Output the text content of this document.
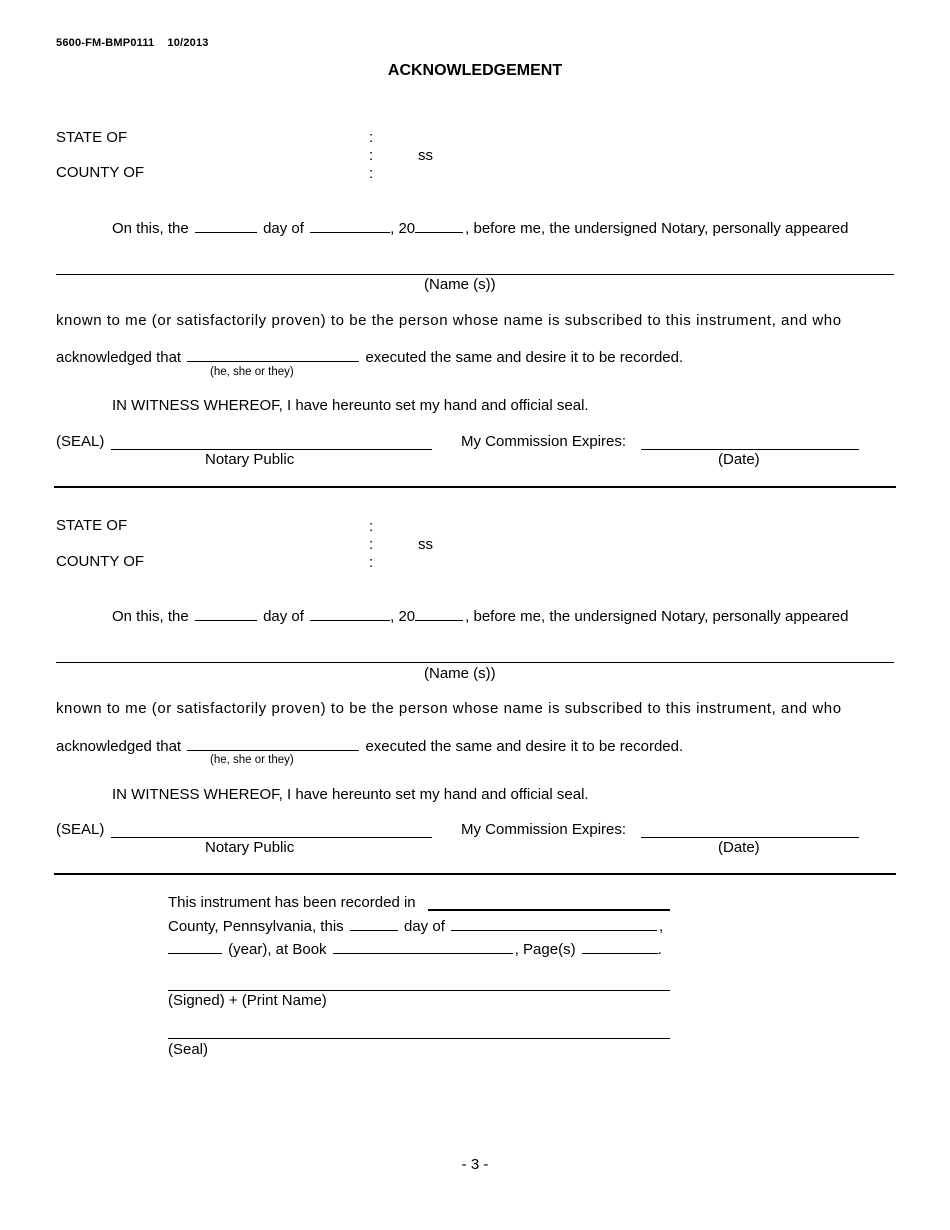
5600-FM-BMP0111 10/2013
ACKNOWLEDGEMENT
STATE OF
COUNTY OF
:
:
:
ss
On this, the	day of	, 20	, before me, the undersigned Notary, personally appeared
(Name (s))
known to me (or satisfactorily proven) to be the person whose name is subscribed to this instrument, and who
acknowledged that	executed the same and desire it to be recorded.
(he, she or they)
IN WITNESS WHEREOF, I have hereunto set my hand and official seal.
(SEAL)
Notary Public
My Commission Expires:
(Date)
STATE OF
COUNTY OF
:
:
:
ss
On this, the	day of	, 20	, before me, the undersigned Notary, personally appeared
(Name (s))
known to me (or satisfactorily proven) to be the person whose name is subscribed to this instrument, and who
acknowledged that	executed the same and desire it to be recorded.
(he, she or they)
IN WITNESS WHEREOF, I have hereunto set my hand and official seal.
(SEAL)
Notary Public
My Commission Expires:
(Date)
This instrument has been recorded in
County, Pennsylvania, this	day of	,
(year), at Book	, Page(s)	.
(Signed) + (Print Name)
(Seal)
- 3 -
